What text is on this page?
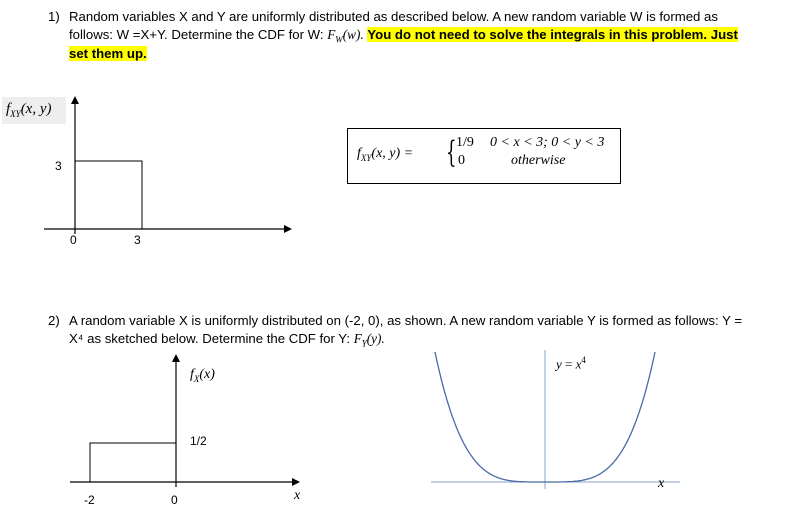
1) Random variables X and Y are uniformly distributed as described below. A new random variable W is formed as
follows: W =X+Y. Determine the CDF for W: $F_W(w)$. You do not need to solve the integrals in this problem. Just
set them up.
$f_{XY}(x$, y)
3
0	3
$f_{XY}(x$, y) = { 1/9 0 < x < 3; 0 < y < 3
0	otherwise
2) A random variable X is uniformly distributed on (-2, 0), as shown. A new random variable Y is formed as follows: Y =
X⁴ as sketched below. Determine the CDF for Y: $F_Y(y)$.
$f_X(x)$
1/2
-2	0	x
$y = x^4$
x
